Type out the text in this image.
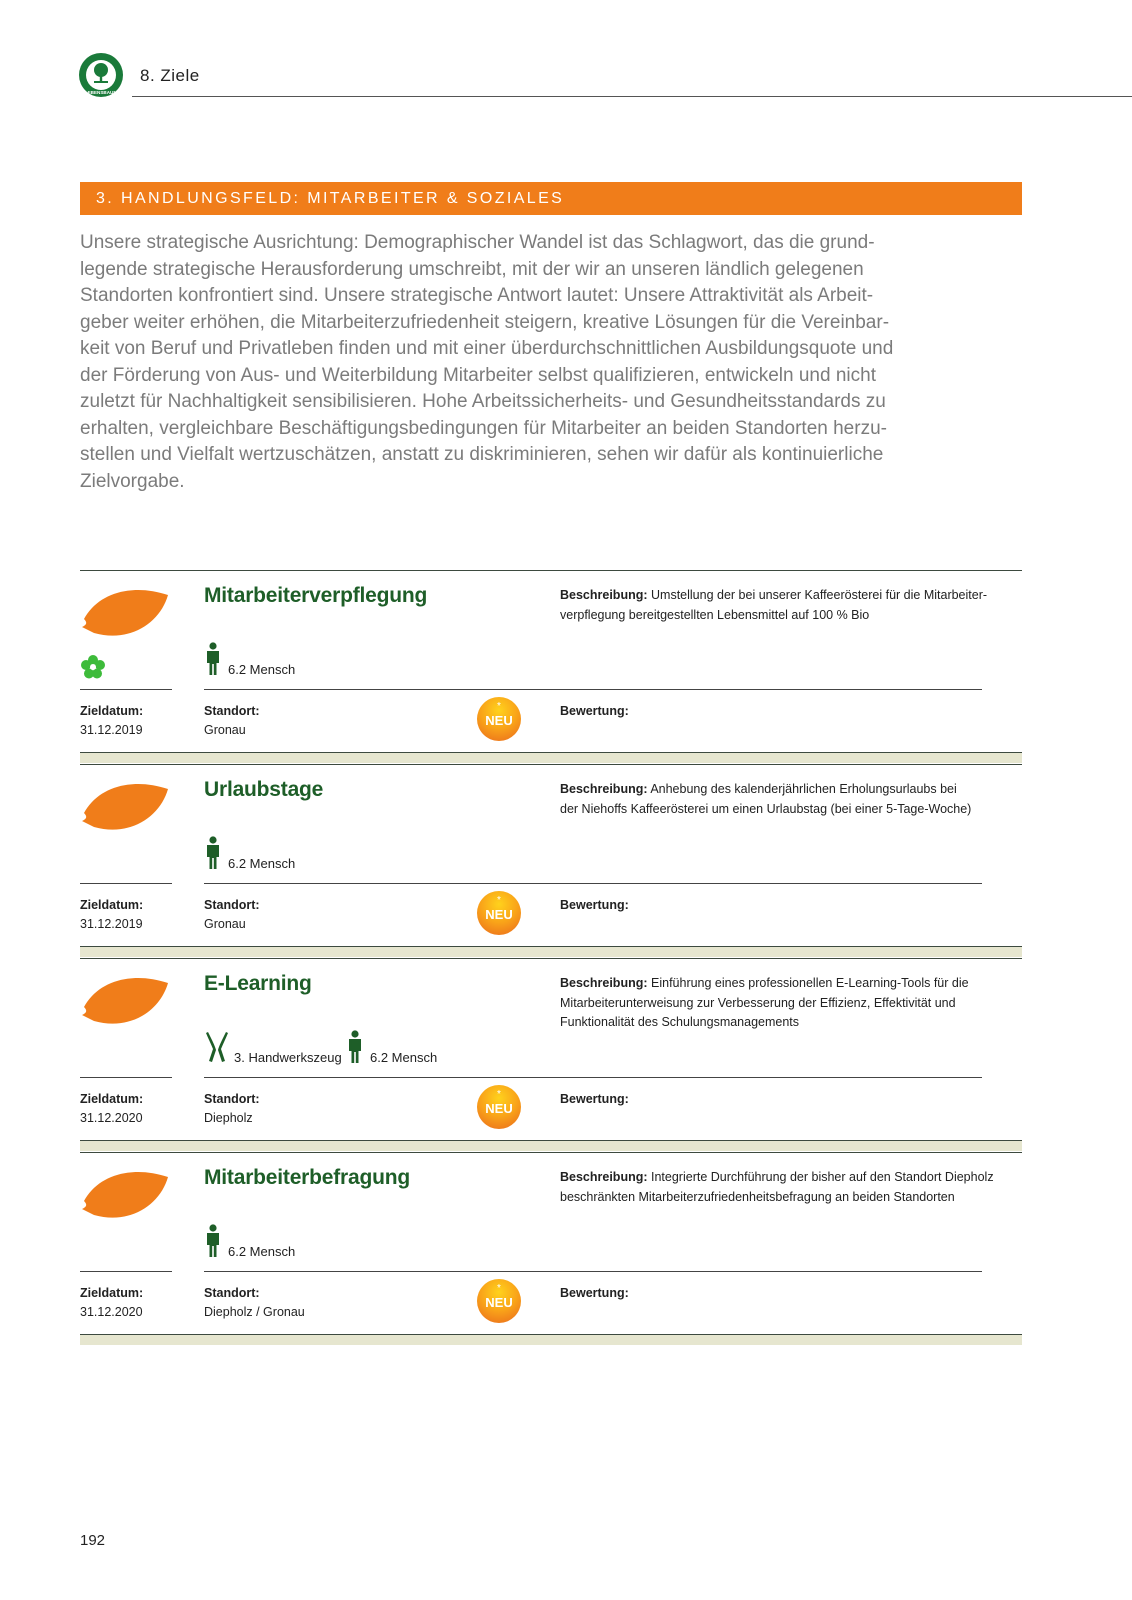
LEBENSBAUM
8. Ziele
3. HANDLUNGSFELD: MITARBEITER & SOZIALES

Unsere strategische Ausrichtung: Demographischer Wandel ist das Schlagwort, das die grund-
legende strategische Herausforderung umschreibt, mit der wir an unseren ländlich gelegenen
Standorten konfrontiert sind. Unsere strategische Antwort lautet: Unsere Attraktivität als Arbeit-
geber weiter erhöhen, die Mitarbeiterzufriedenheit steigern, kreative Lösungen für die Vereinbar-
keit von Beruf und Privatleben finden und mit einer überdurchschnittlichen Ausbildungsquote und
der Förderung von Aus- und Weiterbildung Mitarbeiter selbst qualifizieren, entwickeln und nicht
zuletzt für Nachhaltigkeit sensibilisieren. Hohe Arbeitssicherheits- und Gesundheitsstandards zu
erhalten, vergleichbare Beschäftigungsbedingungen für Mitarbeiter an beiden Standorten herzu-
stellen und Vielfalt wertzuschätzen, anstatt zu diskriminieren, sehen wir dafür als kontinuierliche
Zielvorgabe.

Mitarbeiterverpflegung
6.2 Mensch

Beschreibung: Umstellung der bei unserer Kaffeerösterei für die Mitarbeiter-
verpflegung bereitgestellten Lebensmittel auf 100 % Bio

Zieldatum:
31.12.2019
Standort:
Gronau
Bewertung:
*
NEU
Urlaubstage
6.2 Mensch

Beschreibung: Anhebung des kalenderjährlichen Erholungsurlaubs bei
der Niehoffs Kaffeerösterei um einen Urlaubstag (bei einer 5-Tage-Woche)

Zieldatum:
31.12.2019
Standort:
Gronau
Bewertung:
*
NEU
E-Learning
3. Handwerkszeug 6.2 Mensch

Beschreibung: Einführung eines professionellen E-Learning-Tools für die
Mitarbeiterunterweisung zur Verbesserung der Effizienz, Effektivität und
Funktionalität des Schulungsmanagements

Zieldatum:
31.12.2020
Standort:
Diepholz
Bewertung:
*
NEU
Mitarbeiterbefragung
6.2 Mensch

Beschreibung: Integrierte Durchführung der bisher auf den Standort Diepholz
beschränkten Mitarbeiterzufriedenheitsbefragung an beiden Standorten

Zieldatum:
31.12.2020
Standort:
Diepholz / Gronau
Bewertung:
*
NEU
192
